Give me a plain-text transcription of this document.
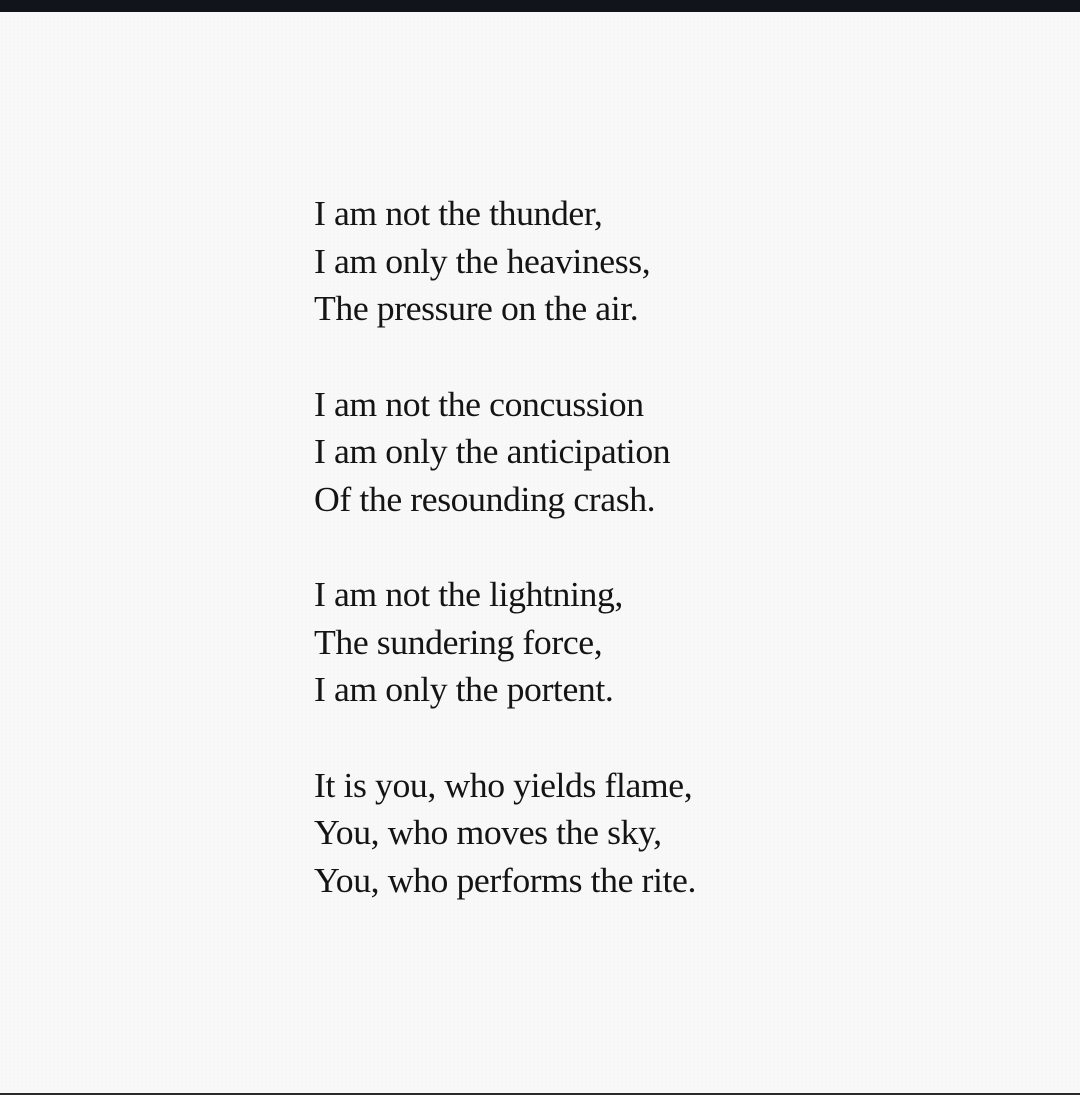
I am not the thunder,
I am only the heaviness,
The pressure on the air.
I am not the concussion
I am only the anticipation
Of the resounding crash.
I am not the lightning,
The sundering force,
I am only the portent.
It is you, who yields flame,
You, who moves the sky,
You, who performs the rite.
